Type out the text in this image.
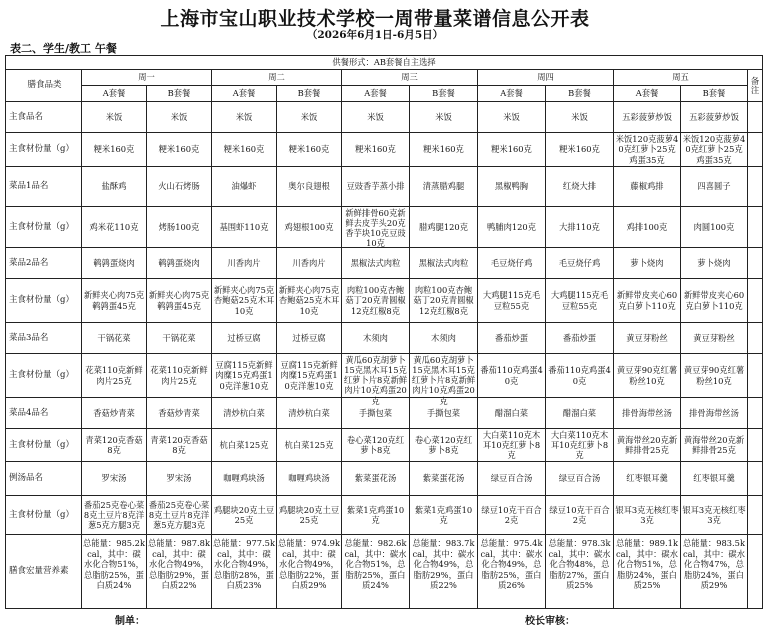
上海市宝山职业技术学校一周带量菜谱信息公开表
（2026年6月1日-6月5日）
表二、学生/教工 午餐
供餐形式：AB套餐自主选择											
膳食品类	周一		周二		周三		周四		周五		备注
	A套餐	B套餐	A套餐	B套餐	A套餐	B套餐	A套餐	B套餐	A套餐	B套餐	
主食品名	米饭	米饭	米饭	米饭	米饭	米饭	米饭	米饭	五彩菠萝炒饭	五彩菠萝炒饭	

主食材份量（g）	粳米160克	粳米160克	粳米160克	粳米160克	粳米160克	粳米160克	粳米160克	粳米160克	米饭120克菠萝40克红萝卜25克鸡蛋35克	米饭120克菠萝40克红萝卜25克鸡蛋35克	

菜品1品名	盐酥鸡	火山石烤肠	油爆虾	奥尔良翅根	豆豉香芋蒸小排	清蒸腊鸡腿	黑椒鸭胸	红烧大排	藤椒鸡排	四喜圆子	

主食材份量（g）	鸡米花110克	烤肠100克	基围虾110克	鸡翅根100克	新鲜排骨60克新鲜去皮芋头20克香芋块10克豆豉10克	腊鸡腿120克	鸭脯肉120克	大排110克	鸡排100克	肉圆100克	

菜品2品名	鹌鹑蛋烧肉	鹌鹑蛋烧肉	川香肉片	川香肉片	黑椒法式肉粒	黑椒法式肉粒	毛豆烧仔鸡	毛豆烧仔鸡	萝卜烧肉	萝卜烧肉	

主食材份量（g）	新鲜夹心肉75克鹌鹑蛋45克	新鲜夹心肉75克鹌鹑蛋45克	新鲜夹心肉75克杏鲍菇25克木耳10克	新鲜夹心肉75克杏鲍菇25克木耳10克	肉粒100克杏鲍菇丁20克青圆椒12克红椒8克	肉粒100克杏鲍菇丁20克青圆椒12克红椒8克	大鸡腿115克毛豆粒55克	大鸡腿115克毛豆粒55克	新鲜带皮夹心60克白萝卜110克	新鲜带皮夹心60克白萝卜110克	

菜品3品名	干锅花菜	干锅花菜	过桥豆腐	过桥豆腐	木须肉	木须肉	番茄炒蛋	番茄炒蛋	黄豆芽粉丝	黄豆芽粉丝	

主食材份量（g）	花菜110克新鲜肉片25克	花菜110克新鲜肉片25克	豆腐115克新鲜肉糜15克鸡蛋10克洋葱10克	豆腐115克新鲜肉糜15克鸡蛋10克洋葱10克	黄瓜60克胡萝卜15克黑木耳15克红萝卜片8克新鲜肉片10克鸡蛋20克	黄瓜60克胡萝卜15克黑木耳15克红萝卜片8克新鲜肉片10克鸡蛋20克	番茄110克鸡蛋40克	番茄110克鸡蛋40克	黄豆芽90克红薯粉丝10克	黄豆芽90克红薯粉丝10克	

菜品4品名	香菇炒青菜	香菇炒青菜	清炒杭白菜	清炒杭白菜	手撕包菜	手撕包菜	醋溜白菜	醋溜白菜	排骨海带丝汤	排骨海带丝汤	

主食材份量（g）	青菜120克香菇8克	青菜120克香菇8克	杭白菜125克	杭白菜125克	卷心菜120克红萝卜8克	卷心菜120克红萝卜8克	大白菜110克木耳10克红萝卜8克	大白菜110克木耳10克红萝卜8克	黄海带丝20克新鲜排骨25克	黄海带丝20克新鲜排骨25克	

例汤品名	罗宋汤	罗宋汤	咖喱鸡块汤	咖喱鸡块汤	紫菜蛋花汤	紫菜蛋花汤	绿豆百合汤	绿豆百合汤	红枣银耳羹	红枣银耳羹	

主食材份量（g）	番茄25克卷心菜8克土豆片8克洋葱5克方腿3克	番茄25克卷心菜8克土豆片8克洋葱5克方腿3克	鸡腿块20克土豆25克	鸡腿块20克土豆25克	紫菜1克鸡蛋10克	紫菜1克鸡蛋10克	绿豆10克干百合2克	绿豆10克干百合2克	银耳3克无核红枣3克	银耳3克无核红枣3克	

膳食宏量营养素	总能量：985.2kcal，其中：碳水化合物51%，总脂肪25%，蛋白质24%	总能量：987.8kcal，其中：碳水化合物49%，总脂肪29%，蛋白质22%	总能量：977.5kcal，其中：碳水化合物49%，总脂肪28%，蛋白质23%	总能量：974.9kcal，其中：碳水化合物49%，总脂肪22%，蛋白质29%	总能量：982.6kcal，其中：碳水化合物51%，总脂肪25%，蛋白质24%	总能量：983.7kcal，其中：碳水化合物49%，总脂肪29%，蛋白质22%	总能量：975.4kcal，其中：碳水化合物49%，总脂肪25%，蛋白质26%	总能量：978.3kcal，其中：碳水化合物48%，总脂肪27%，蛋白质25%	总能量：989.1kcal，其中：碳水化合物51%，总脂肪24%，蛋白质25%	总能量：983.5kcal，其中：碳水化合物47%，总脂肪24%，蛋白质29%	

制单：	校长审核：
